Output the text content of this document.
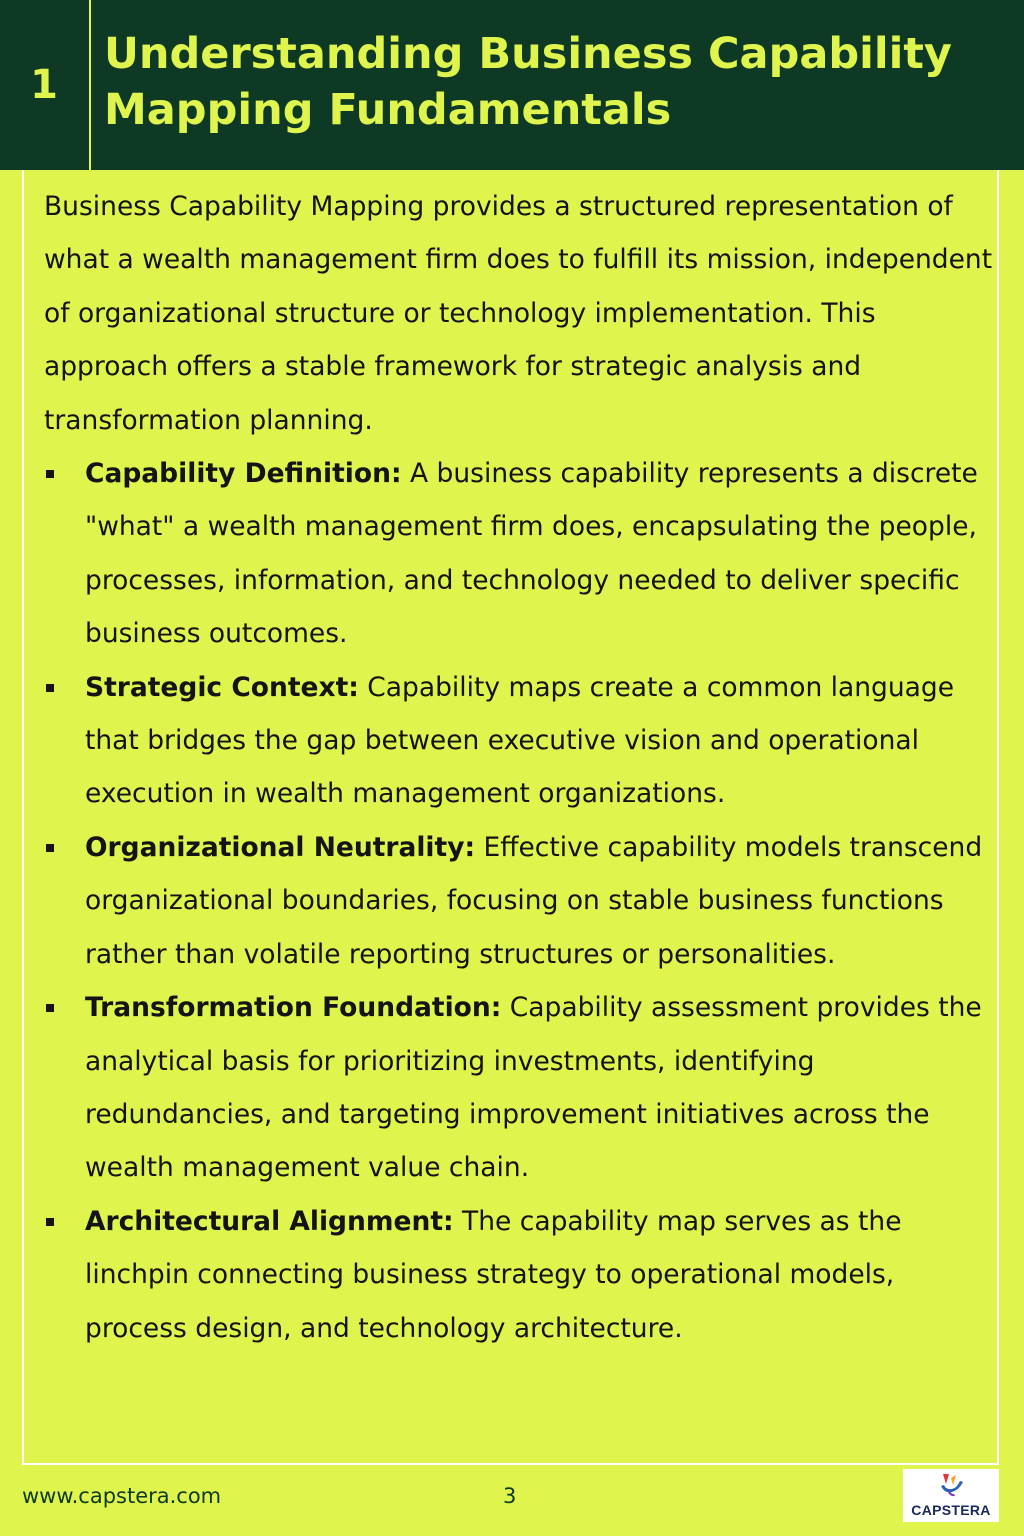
1
Understanding Business Capability Mapping Fundamentals

Business Capability Mapping provides a structured representation of what a wealth management firm does to fulfill its mission, independent of organizational structure or technology implementation. This approach offers a stable framework for strategic analysis and transformation planning.

Capability Definition: A business capability represents a discrete "what" a wealth management firm does, encapsulating the people, processes, information, and technology needed to deliver specific business outcomes.
Strategic Context: Capability maps create a common language that bridges the gap between executive vision and operational execution in wealth management organizations.
Organizational Neutrality: Effective capability models transcend organizational boundaries, focusing on stable business functions rather than volatile reporting structures or personalities.
Transformation Foundation: Capability assessment provides the analytical basis for prioritizing investments, identifying redundancies, and targeting improvement initiatives across the wealth management value chain.
Architectural Alignment: The capability map serves as the linchpin connecting business strategy to operational models, process design, and technology architecture.
www.capstera.com	3
CAPSTERA
